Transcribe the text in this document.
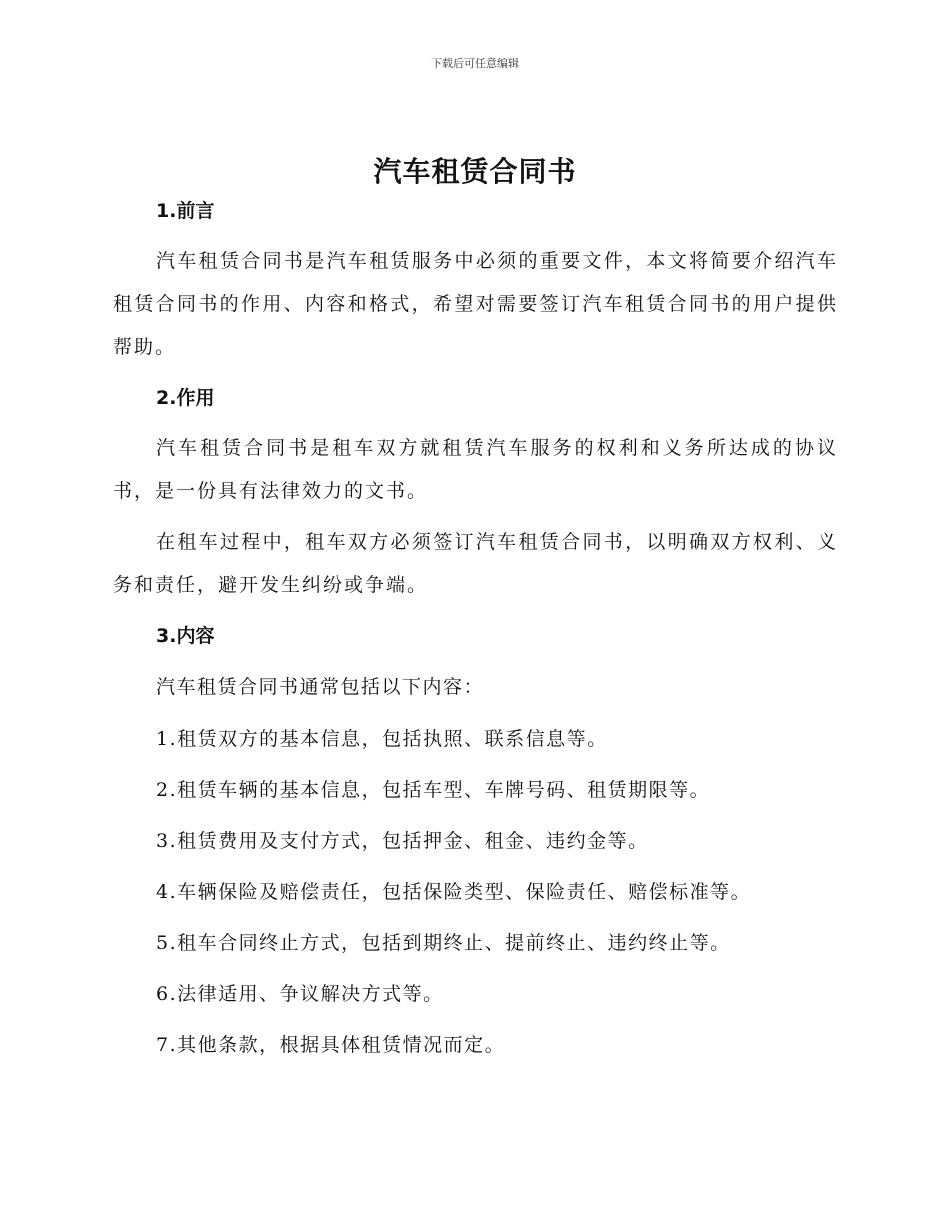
下载后可任意编辑
汽车租赁合同书
1.前言

汽车租赁合同书是汽车租赁服务中必须的重要文件，本文将简要介绍汽车租赁合同书的作用、内容和格式，希望对需要签订汽车租赁合同书的用户提供帮助。

2.作用

汽车租赁合同书是租车双方就租赁汽车服务的权利和义务所达成的协议书，是一份具有法律效力的文书。

在租车过程中，租车双方必须签订汽车租赁合同书，以明确双方权利、义务和责任，避开发生纠纷或争端。

3.内容
汽车租赁合同书通常包括以下内容：
1.租赁双方的基本信息，包括执照、联系信息等。
2.租赁车辆的基本信息，包括车型、车牌号码、租赁期限等。
3.租赁费用及支付方式，包括押金、租金、违约金等。
4.车辆保险及赔偿责任，包括保险类型、保险责任、赔偿标准等。
5.租车合同终止方式，包括到期终止、提前终止、违约终止等。
6.法律适用、争议解决方式等。
7.其他条款，根据具体租赁情况而定。
